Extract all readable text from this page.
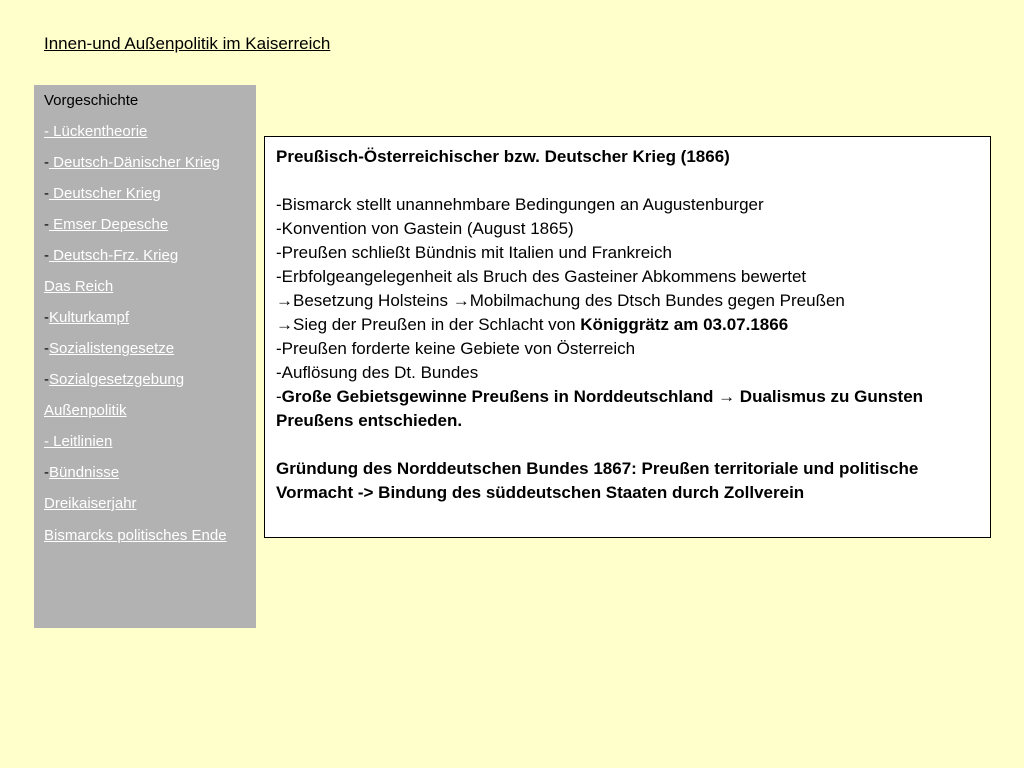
Innen-und Außenpolitik im Kaiserreich
Vorgeschichte
- Lückentheorie
- Deutsch-Dänischer Krieg
- Deutscher Krieg
- Emser Depesche
- Deutsch-Frz. Krieg
Das Reich
-Kulturkampf
-Sozialistengesetze
-Sozialgesetzgebung
Außenpolitik
- Leitlinien
-Bündnisse
Dreikaiserjahr
Bismarcks politisches Ende

Preußisch-Österreichischer bzw. Deutscher Krieg (1866)

-Bismarck stellt unannehmbare Bedingungen an Augustenburger

-Konvention von Gastein (August 1865)

-Preußen schließt Bündnis mit Italien und Frankreich

-Erbfolgeangelegenheit als Bruch des Gasteiner Abkommens bewertet

→Besetzung Holsteins →Mobilmachung des Dtsch Bundes gegen Preußen

→Sieg der Preußen in der Schlacht von Königgrätz am 03.07.1866

-Preußen forderte keine Gebiete von Österreich

-Auflösung des Dt. Bundes

-Große Gebietsgewinne Preußens in Norddeutschland → Dualismus zu Gunsten Preußens entschieden.

Gründung des Norddeutschen Bundes 1867: Preußen territoriale und politische Vormacht -> Bindung des süddeutschen Staaten durch Zollverein
